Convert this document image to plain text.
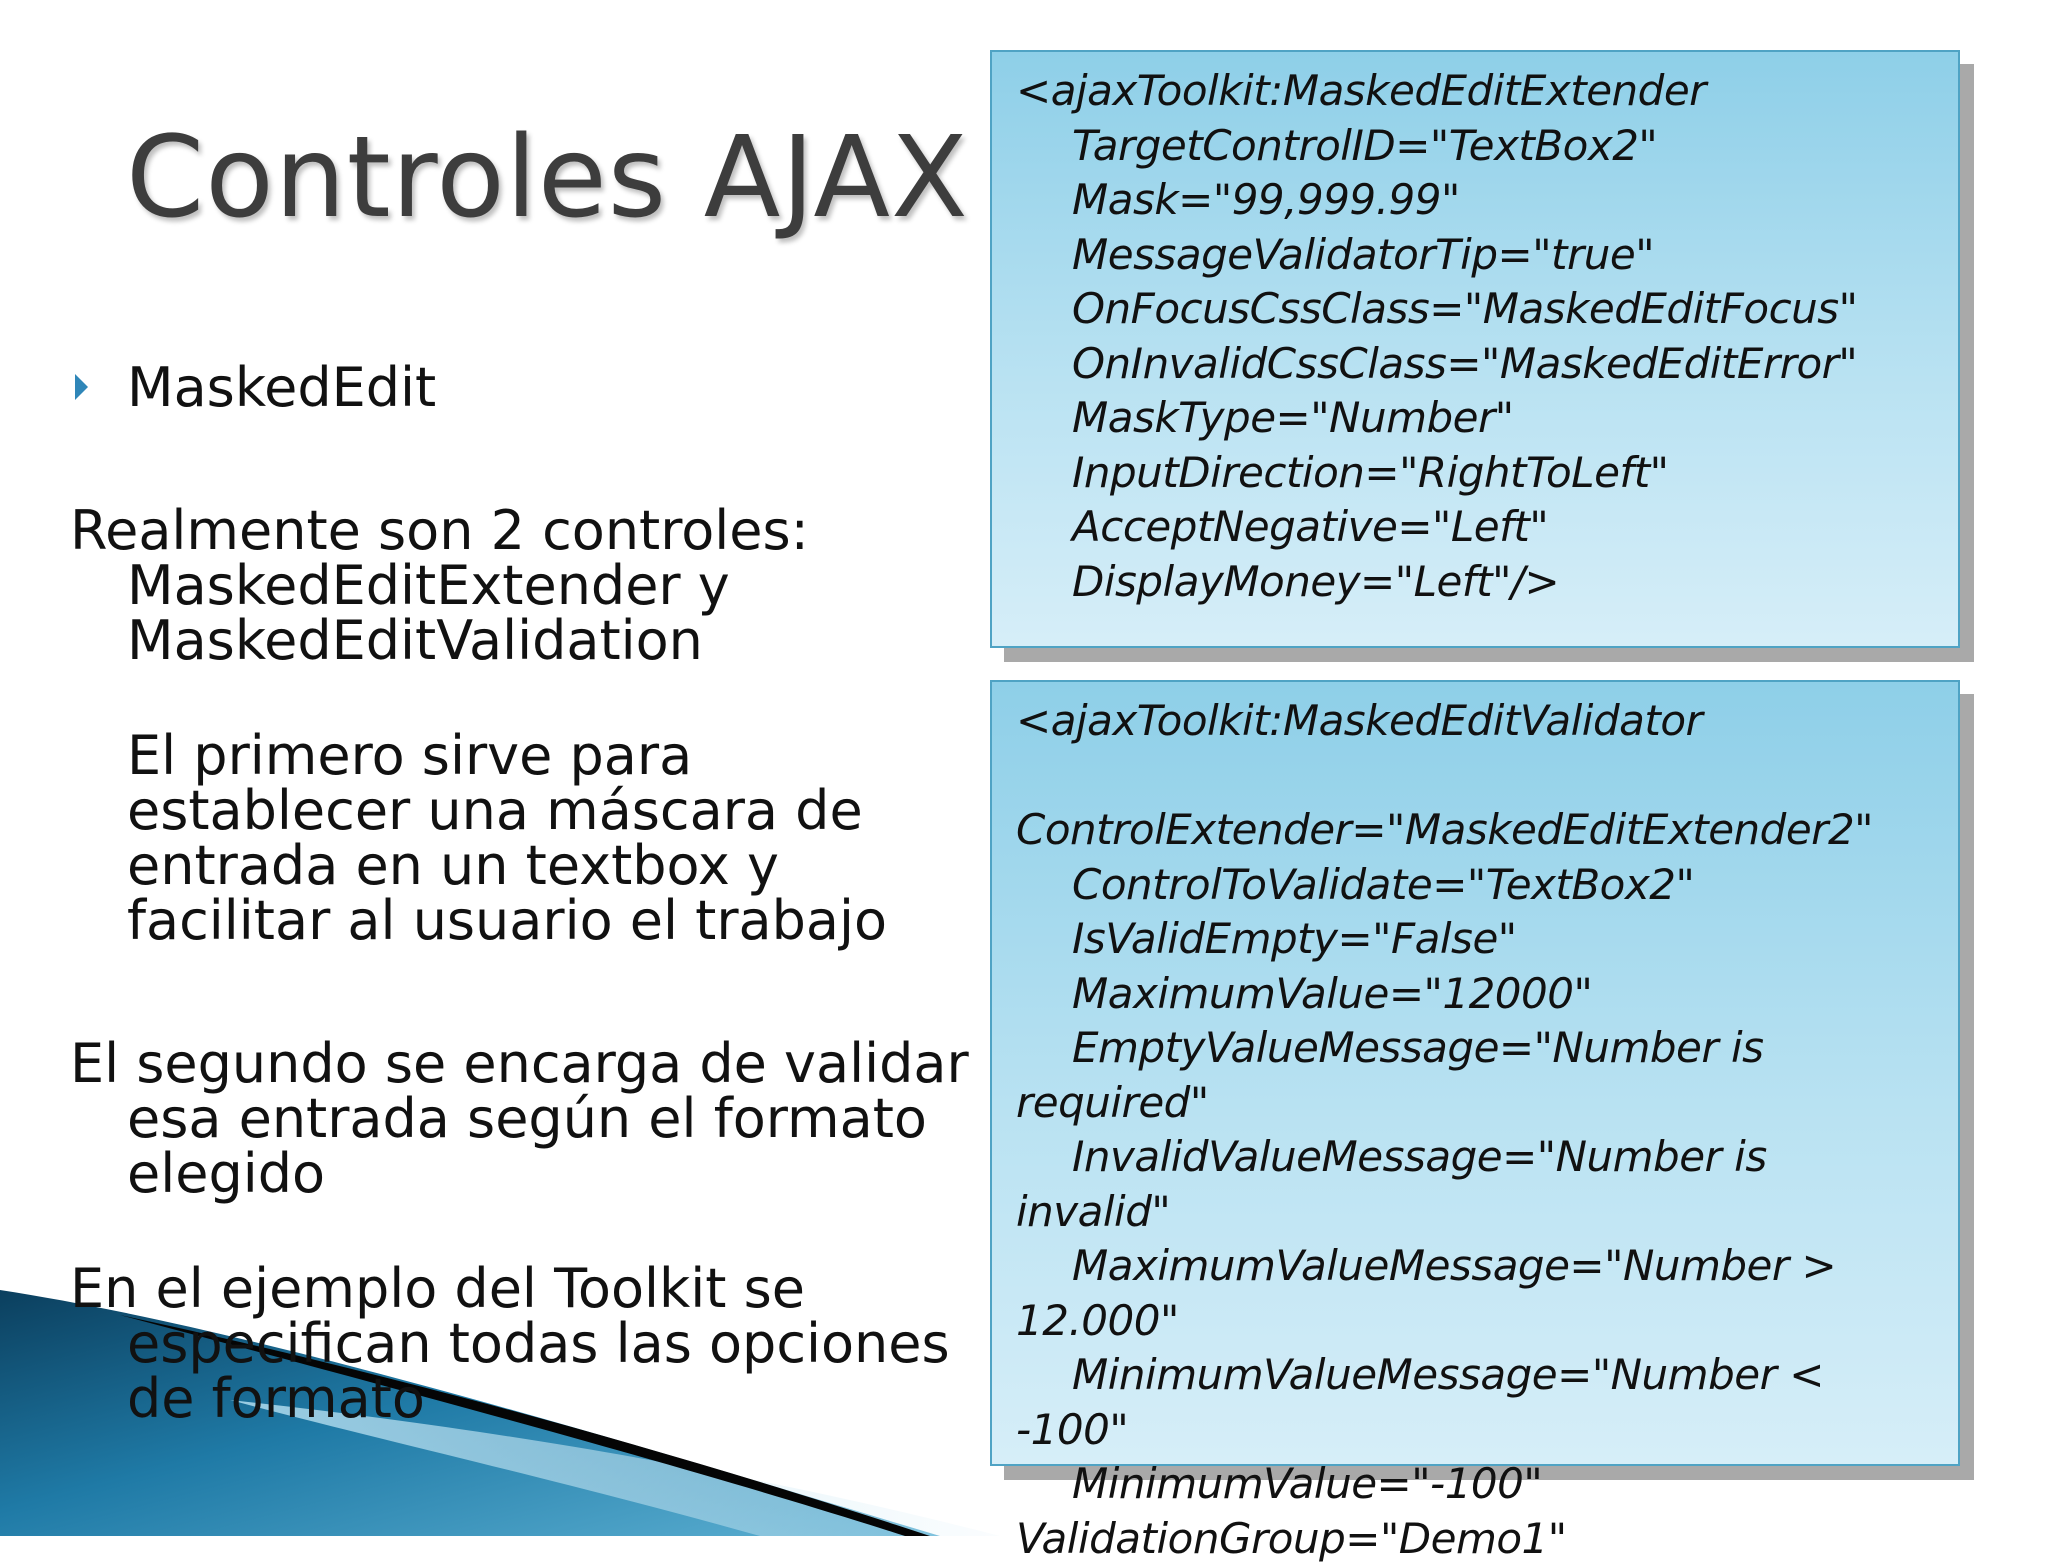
Controles AJAX
MaskedEdit
Realmente son 2 controles: MaskedEditExtender y MaskedEditValidation
El primero sirve para establecer una máscara de entrada en un textbox y facilitar al usuario el trabajo
El segundo se encarga de validar esa entrada según el formato elegido
En el ejemplo del Toolkit se especifican todas las opciones de formato
<ajaxToolkit:MaskedEditExtender
TargetControlID="TextBox2"
Mask="99,999.99"
MessageValidatorTip="true"
OnFocusCssClass="MaskedEditFocus"
OnInvalidCssClass="MaskedEditError"
MaskType="Number"
InputDirection="RightToLeft"
AcceptNegative="Left"
DisplayMoney="Left"/>
<ajaxToolkit:MaskedEditValidator
ControlExtender="MaskedEditExtender2"
ControlToValidate="TextBox2"
IsValidEmpty="False"
MaximumValue="12000"
EmptyValueMessage="Number is
required"
InvalidValueMessage="Number is
invalid"
MaximumValueMessage="Number >
12.000"
MinimumValueMessage="Number <
-100"
MinimumValue="-100"
ValidationGroup="Demo1"
